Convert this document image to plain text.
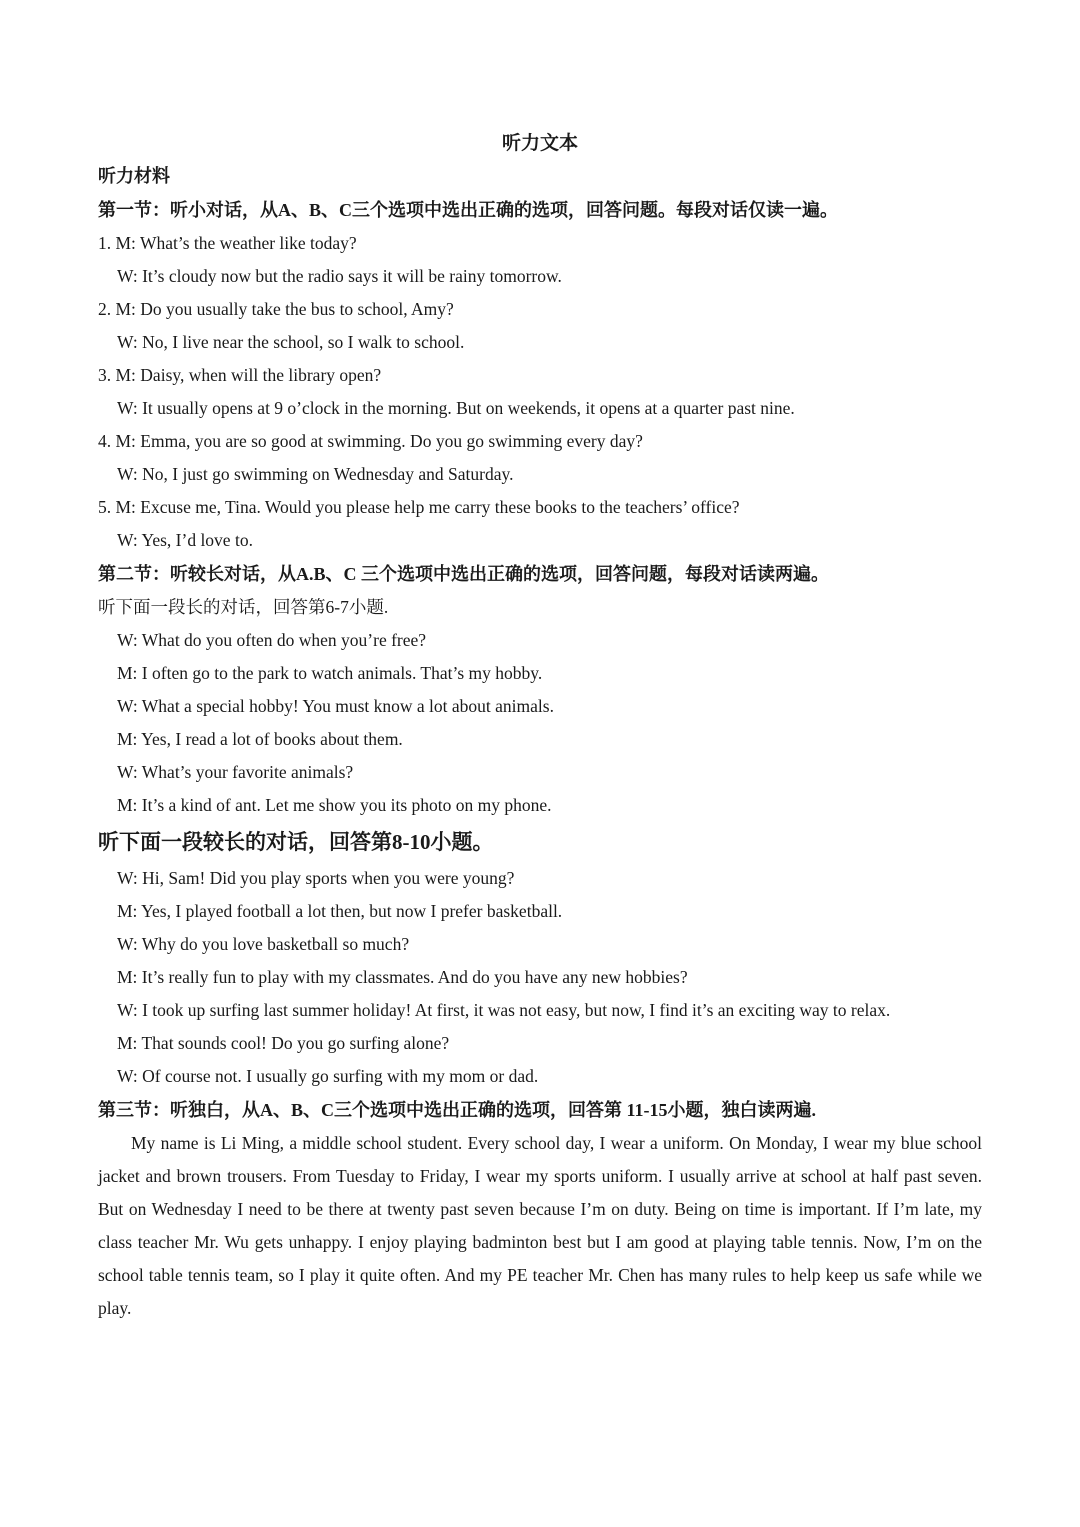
听力文本
听力材料
第一节：听小对话，从A、B、C三个选项中选出正确的选项，回答问题。每段对话仅读一遍。
1. M: What’s the weather like today?
W: It’s cloudy now but the radio says it will be rainy tomorrow.
2. M: Do you usually take the bus to school, Amy?
W: No, I live near the school, so I walk to school.
3. M: Daisy, when will the library open?
W: It usually opens at 9 o’clock in the morning. But on weekends, it opens at a quarter past nine.
4. M: Emma, you are so good at swimming. Do you go swimming every day?
W: No, I just go swimming on Wednesday and Saturday.
5. M: Excuse me, Tina. Would you please help me carry these books to the teachers’ office?
W: Yes, I’d love to.
第二节：听较长对话，从A.B、C 三个选项中选出正确的选项，回答问题，每段对话读两遍。
听下面一段长的对话，回答第6-7小题.
W: What do you often do when you’re free?
M: I often go to the park to watch animals. That’s my hobby.
W: What a special hobby! You must know a lot about animals.
M: Yes, I read a lot of books about them.
W: What’s your favorite animals?
M: It’s a kind of ant. Let me show you its photo on my phone.
听下面一段较长的对话，回答第8-10小题。
W: Hi, Sam! Did you play sports when you were young?
M: Yes, I played football a lot then, but now I prefer basketball.
W: Why do you love basketball so much?
M: It’s really fun to play with my classmates. And do you have any new hobbies?
W: I took up surfing last summer holiday! At first, it was not easy, but now, I find it’s an exciting way to relax.
M: That sounds cool! Do you go surfing alone?
W: Of course not. I usually go surfing with my mom or dad.
第三节：听独白，从A、B、C三个选项中选出正确的选项，回答第 11-15小题，独白读两遍.

My name is Li Ming, a middle school student. Every school day, I wear a uniform. On Monday, I wear my blue school jacket and brown trousers. From Tuesday to Friday, I wear my sports uniform. I usually arrive at school at half past seven. But on Wednesday I need to be there at twenty past seven because I’m on duty. Being on time is important. If I’m late, my class teacher Mr. Wu gets unhappy. I enjoy playing badminton best but I am good at playing table tennis. Now, I’m on the school table tennis team, so I play it quite often. And my PE teacher Mr. Chen has many rules to help keep us safe while we play.
